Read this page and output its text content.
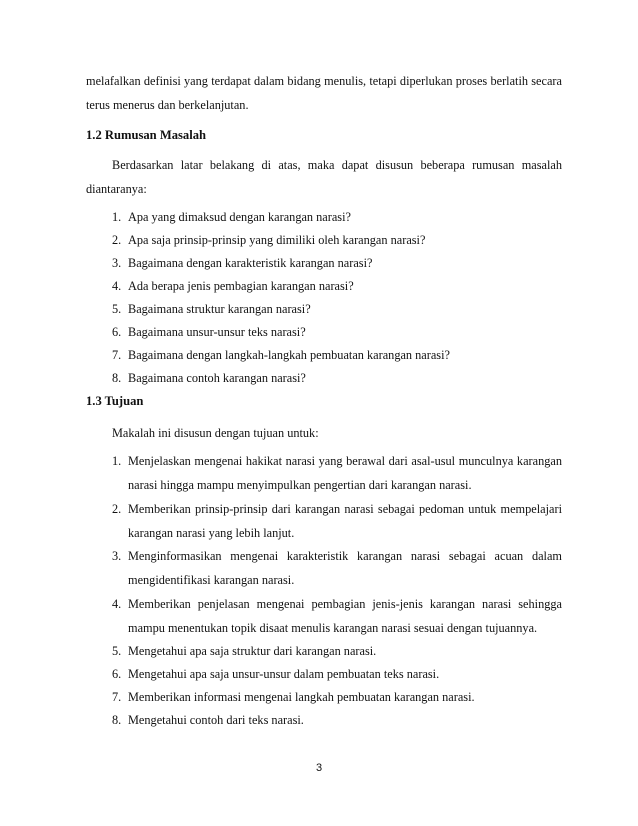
melafalkan definisi yang terdapat dalam bidang menulis, tetapi diperlukan proses berlatih secara
terus menerus dan berkelanjutan.
1.2 Rumusan Masalah
Berdasarkan latar belakang di atas, maka dapat disusun beberapa rumusan masalah
diantaranya:
1. Apa yang dimaksud dengan karangan narasi?
2. Apa saja prinsip-prinsip yang dimiliki oleh karangan narasi?
3. Bagaimana dengan karakteristik karangan narasi?
4. Ada berapa jenis pembagian karangan narasi?
5. Bagaimana struktur karangan narasi?
6. Bagaimana unsur-unsur teks narasi?
7. Bagaimana dengan langkah-langkah pembuatan karangan narasi?
8. Bagaimana contoh karangan narasi?
1.3 Tujuan
Makalah ini disusun dengan tujuan untuk:
1. Menjelaskan mengenai hakikat narasi yang berawal dari asal-usul munculnya karangan
narasi hingga mampu menyimpulkan pengertian dari karangan narasi.
2. Memberikan prinsip-prinsip dari karangan narasi sebagai pedoman untuk mempelajari
karangan narasi yang lebih lanjut.
3. Menginformasikan mengenai karakteristik karangan narasi sebagai acuan dalam
mengidentifikasi karangan narasi.
4. Memberikan penjelasan mengenai pembagian jenis-jenis karangan narasi sehingga
mampu menentukan topik disaat menulis karangan narasi sesuai dengan tujuannya.
5. Mengetahui apa saja struktur dari karangan narasi.
6. Mengetahui apa saja unsur-unsur dalam pembuatan teks narasi.
7. Memberikan informasi mengenai langkah pembuatan karangan narasi.
8. Mengetahui contoh dari teks narasi.
3
